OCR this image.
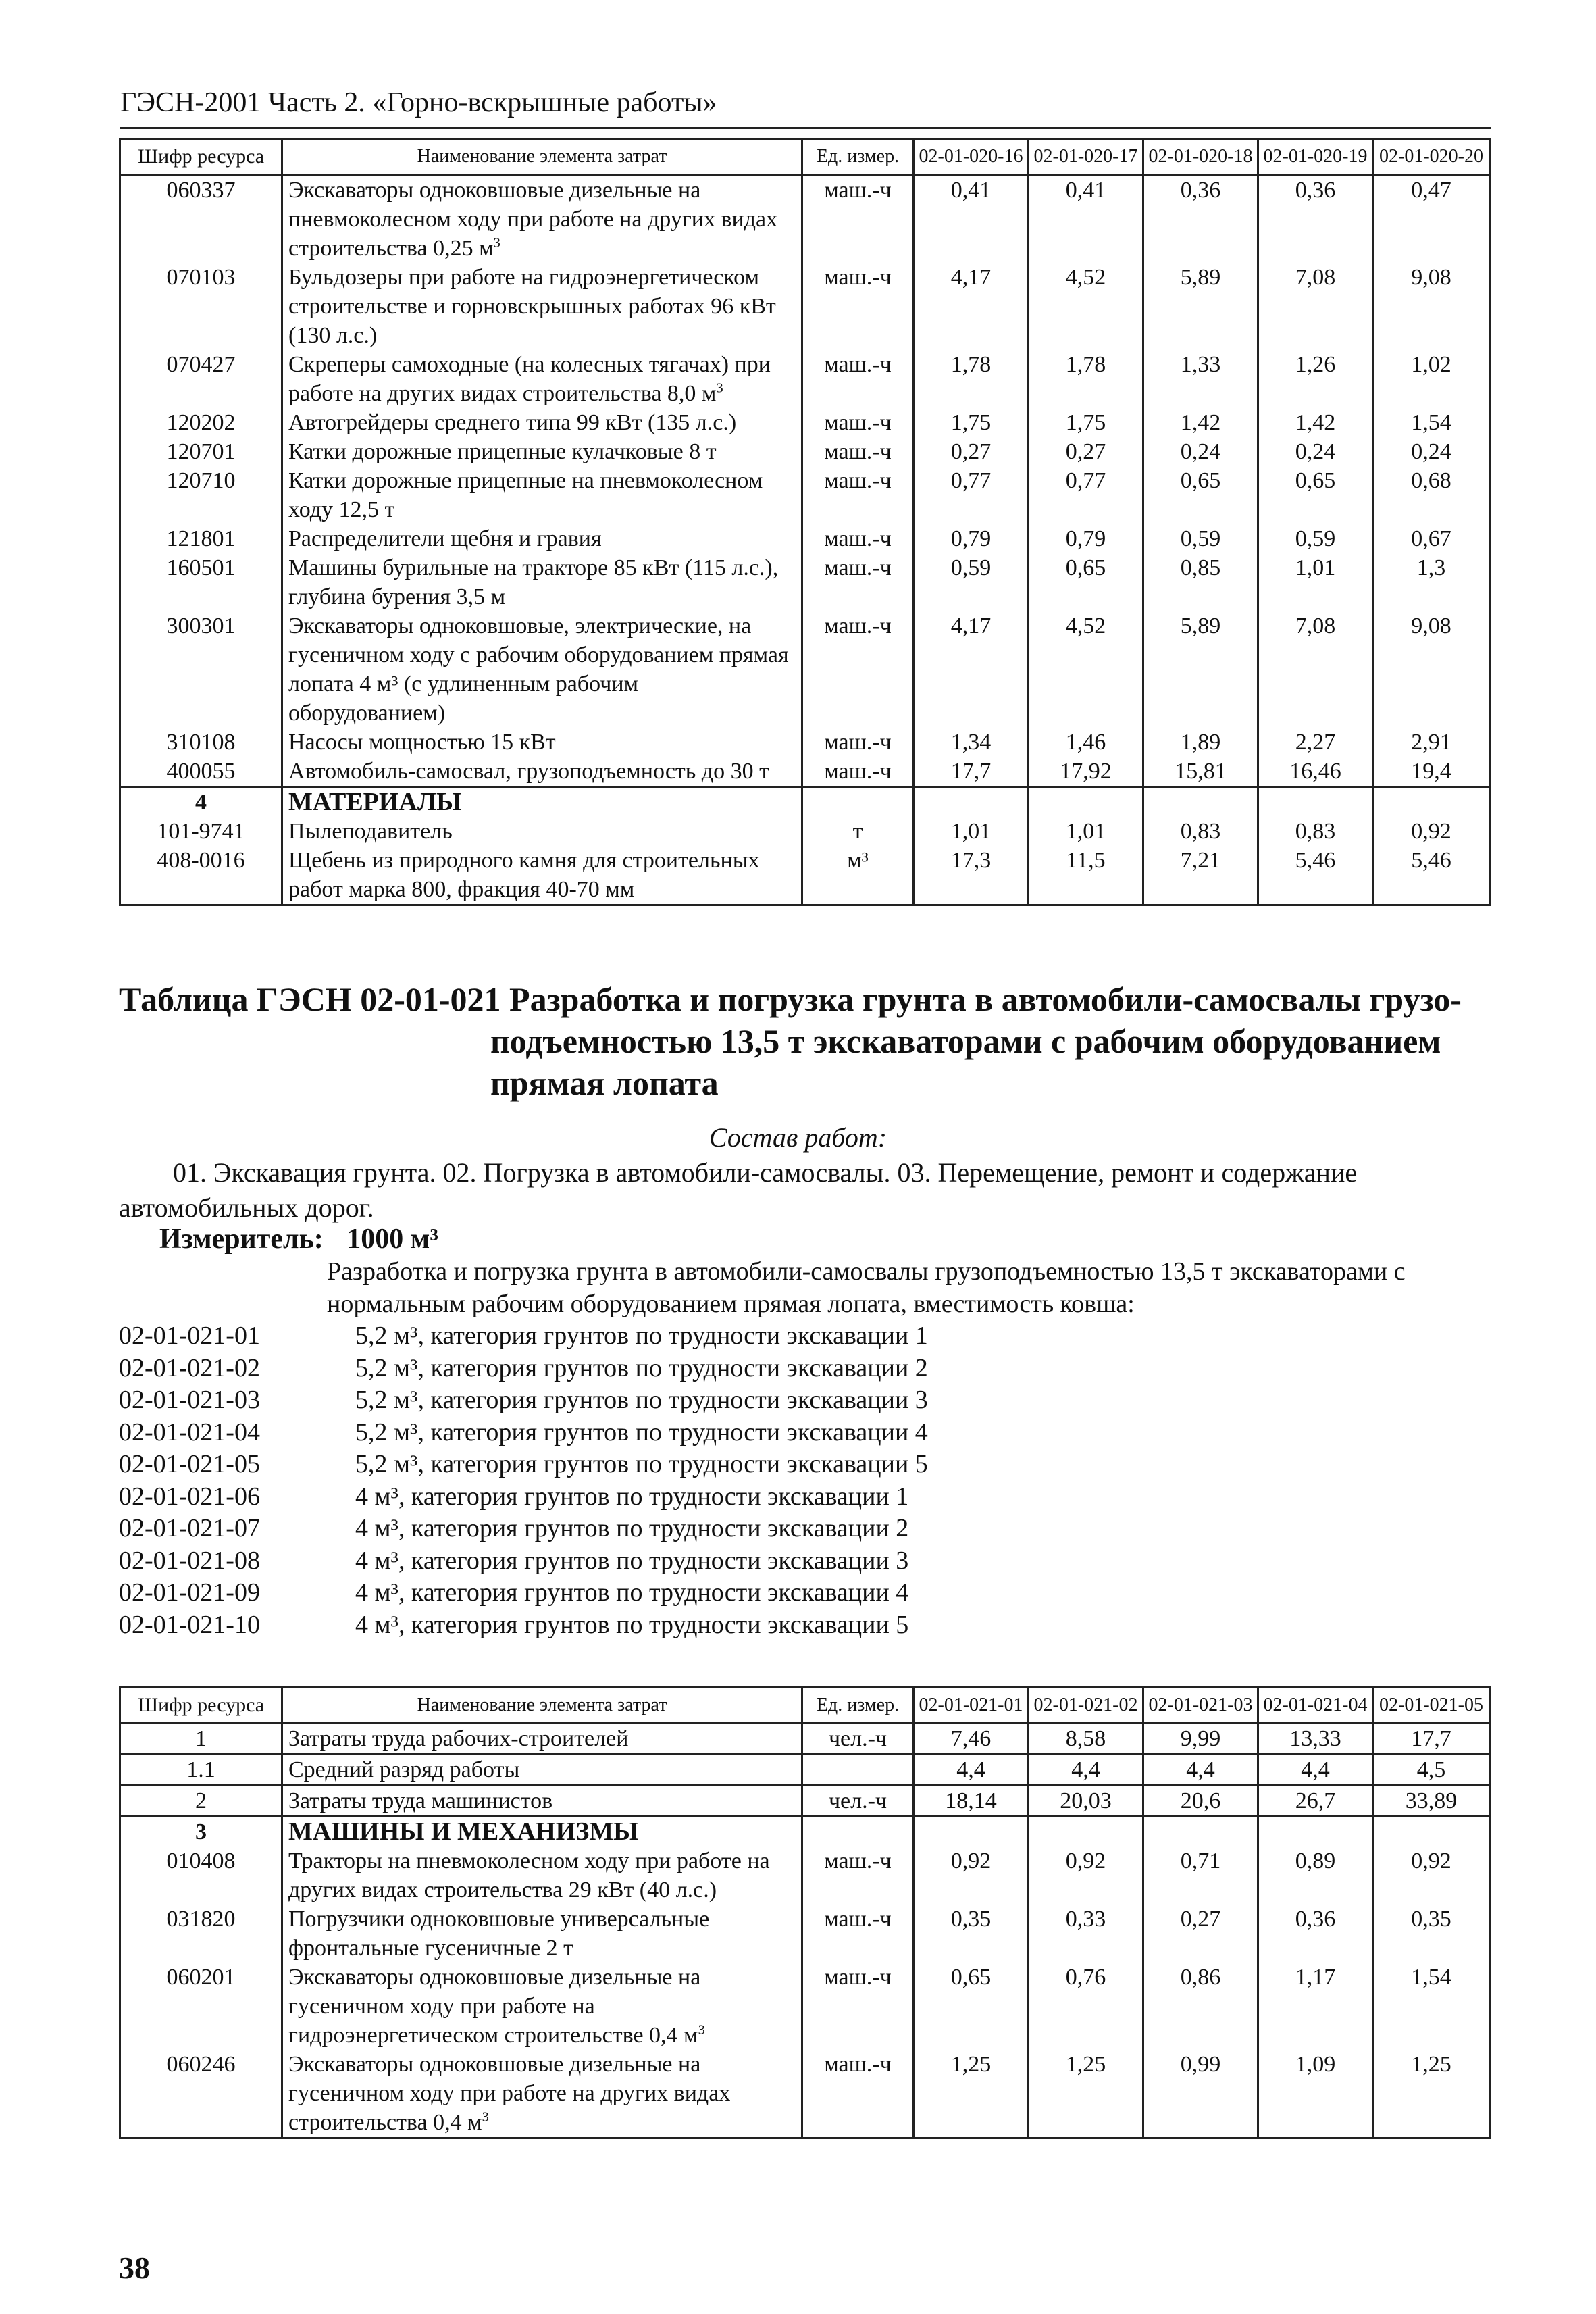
ГЭСН-2001 Часть 2. «Горно-вскрышные работы»
Шифр ресурса	Наименование элемента затрат	Ед. измер.	02-01-020-16	02-01-020-17	02-01-020-18	02-01-020-19	02-01-020-20
060337	Экскаваторы одноковшовые дизельные на пневмоколесном ходу при работе на других видах строительства 0,25 $м^3$	маш.-ч	0,41	0,41	0,36	0,36	0,47
070103	Бульдозеры при работе на гидроэнергетическом строительстве и горновскрышных работах 96 кВт (130 л.с.)	маш.-ч	4,17	4,52	5,89	7,08	9,08
070427	Скреперы самоходные (на колесных тягачах) при работе на других видах строительства 8,0 $м^3$	маш.-ч	1,78	1,78	1,33	1,26	1,02
120202	Автогрейдеры среднего типа 99 кВт (135 л.с.)	маш.-ч	1,75	1,75	1,42	1,42	1,54
120701	Катки дорожные прицепные кулачковые 8 т	маш.-ч	0,27	0,27	0,24	0,24	0,24
120710	Катки дорожные прицепные на пневмоколесном ходу 12,5 т	маш.-ч	0,77	0,77	0,65	0,65	0,68
121801	Распределители щебня и гравия	маш.-ч	0,79	0,79	0,59	0,59	0,67
160501	Машины бурильные на тракторе 85 кВт (115 л.с.), глубина бурения 3,5 м	маш.-ч	0,59	0,65	0,85	1,01	1,3
300301	Экскаваторы одноковшовые, электрические, на гусеничном ходу с рабочим оборудованием прямая лопата 4 м³ (с удлиненным рабочим оборудованием)	маш.-ч	4,17	4,52	5,89	7,08	9,08
310108	Насосы мощностью 15 кВт	маш.-ч	1,34	1,46	1,89	2,27	2,91
400055	Автомобиль-самосвал, грузоподъемность до 30 т	маш.-ч	17,7	17,92	15,81	16,46	19,4
4	МАТЕРИАЛЫ						
101-9741	Пылеподавитель	т	1,01	1,01	0,83	0,83	0,92
408-0016	Щебень из природного камня для строительных работ марка 800, фракция 40-70 мм	м³	17,3	11,5	7,21	5,46	5,46
Таблица ГЭСН 02-01-021 Разработка и погрузка грунта в автомобили-самосвалы грузо-
подъемностью 13,5 т экскаваторами с рабочим оборудованием прямая лопата
Состав работ:
01. Экскавация грунта. 02. Погрузка в автомобили-самосвалы. 03. Перемещение, ремонт и содержание автомобильных дорог.
Измеритель: 1000 м³
Разработка и погрузка грунта в автомобили-самосвалы грузоподъемностью 13,5 т экскаваторами с нормальным рабочим оборудованием прямая лопата, вместимость ковша:
02-01-021-01	5,2 м³, категория грунтов по трудности экскавации 1
02-01-021-02	5,2 м³, категория грунтов по трудности экскавации 2
02-01-021-03	5,2 м³, категория грунтов по трудности экскавации 3
02-01-021-04	5,2 м³, категория грунтов по трудности экскавации 4
02-01-021-05	5,2 м³, категория грунтов по трудности экскавации 5
02-01-021-06	4 м³, категория грунтов по трудности экскавации 1
02-01-021-07	4 м³, категория грунтов по трудности экскавации 2
02-01-021-08	4 м³, категория грунтов по трудности экскавации 3
02-01-021-09	4 м³, категория грунтов по трудности экскавации 4
02-01-021-10	4 м³, категория грунтов по трудности экскавации 5
Шифр ресурса	Наименование элемента затрат	Ед. измер.	02-01-021-01	02-01-021-02	02-01-021-03	02-01-021-04	02-01-021-05
1	Затраты труда рабочих-строителей	чел.-ч	7,46	8,58	9,99	13,33	17,7
1.1	Средний разряд работы		4,4	4,4	4,4	4,4	4,5
2	Затраты труда машинистов	чел.-ч	18,14	20,03	20,6	26,7	33,89
3	МАШИНЫ И МЕХАНИЗМЫ						
010408	Тракторы на пневмоколесном ходу при работе на других видах строительства 29 кВт (40 л.с.)	маш.-ч	0,92	0,92	0,71	0,89	0,92
031820	Погрузчики одноковшовые универсальные фронтальные гусеничные 2 т	маш.-ч	0,35	0,33	0,27	0,36	0,35
060201	Экскаваторы одноковшовые дизельные на гусеничном ходу при работе на гидроэнергетическом строительстве 0,4 $м^3$	маш.-ч	0,65	0,76	0,86	1,17	1,54
060246	Экскаваторы одноковшовые дизельные на гусеничном ходу при работе на других видах строительства 0,4 $м^3$	маш.-ч	1,25	1,25	0,99	1,09	1,25
38
